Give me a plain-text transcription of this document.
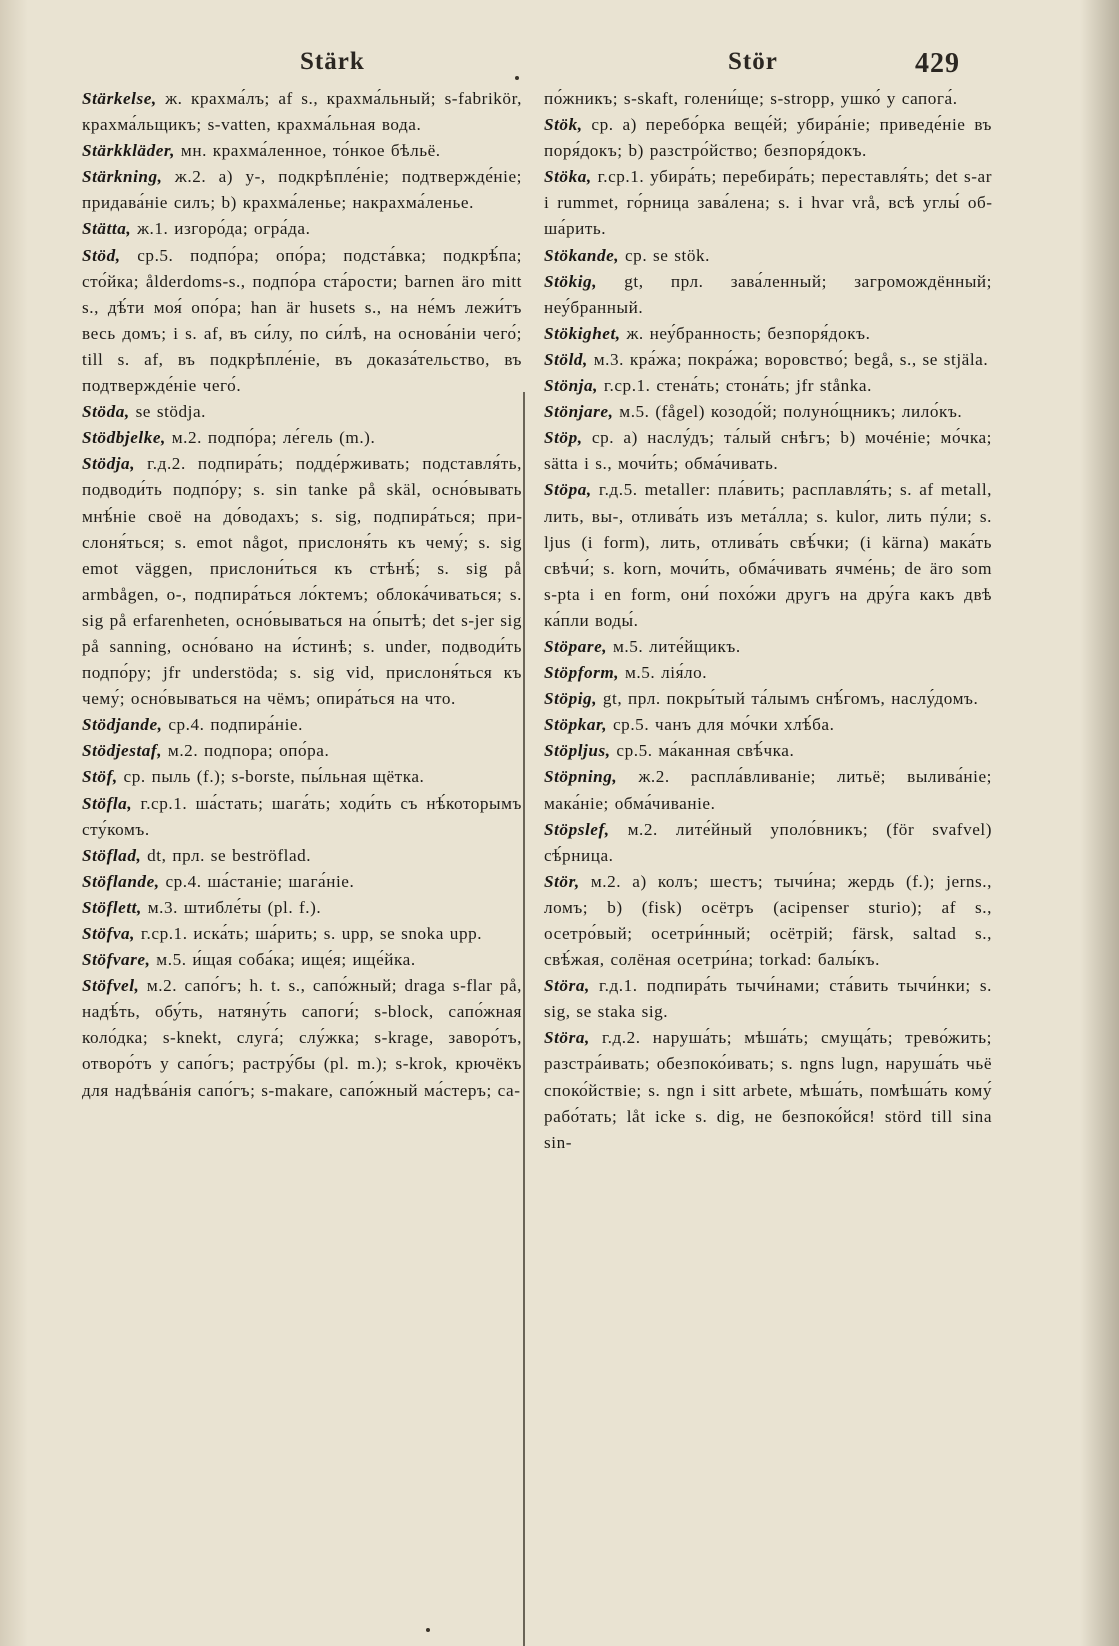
Stärk	Stör	429

Stärkelse, ж. крахма́лъ; af s., крахма́льный; s-fabrikör, крахма́льщикъ; s-vatten, крахма́льная вода.

Stärkkläder, мн. крахма́ленное, то́нкое бѣльё.

Stärkning, ж.2. а) у-, подкрѣпле́ніе; подтвержде́ніе; придава́ніе силъ; b) крахма́ленье; накрахма́ленье.

Stätta, ж.1. изгоро́да; огра́да.

Stöd, ср.5. подпо́ра; опо́ра; подста́вка; подкрѣ́па; сто́йка; ålderdoms-s., подпо́ра ста́рости; barnen äro mitt s., дѣ́ти моя́ опо́ра; han är husets s., на не́мъ лежи́тъ весь домъ; i s. af, въ си́лу, по си́лѣ, на основа́ніи чего́; till s. af, въ подкрѣпле́ніе, въ доказа́тельство, въ подтвержде́ніе чего́.

Stöda, se stödja.

Stödbjelke, м.2. подпо́ра; ле́гель (m.).

Stödja, г.д.2. подпира́ть; подде́рживать; подставля́ть, подводи́ть подпо́ру; s. sin tanke på skäl, осно́вывать мнѣ́ніе своё на до́водахъ; s. sig, подпира́ться; прислоня́ться; s. emot något, прислоня́ть къ чему́; s. sig emot väggen, прислони́ться къ стѣнѣ́; s. sig på armbågen, о-, подпира́ться ло́ктемъ; облока́чиваться; s. sig på erfarenheten, осно́вываться на о́пытѣ; det s-jer sig på sanning, осно́вано на и́стинѣ; s. under, подводи́ть подпо́ру; jfr understöda; s. sig vid, прислоня́ться къ чему́; осно́вываться на чёмъ; опира́ться на что.

Stödjande, ср.4. подпира́ніе.

Stödjestaf, м.2. подпора; опо́ра.

Stöf, ср. пыль (f.); s-borste, пы́льная щётка.

Stöfla, г.ср.1. ша́стать; шага́ть; ходи́ть съ нѣ́которымъ сту́комъ.

Stöflad, dt, прл. se beströflad.

Stöflande, ср.4. ша́станіе; шага́ніе.

Stöflett, м.3. штибле́ты (pl. f.).

Stöfva, г.ср.1. иска́ть; ша́рить; s. upp, se snoka upp.

Stöfvare, м.5. и́щая соба́ка; ище́я; ище́йка.

Stöfvel, м.2. сапо́гъ; h. t. s., сапо́жный; draga s-flar på, надѣ́ть, обу́ть, натяну́ть сапоги́; s-block, сапо́жная коло́дка; s-knekt, слуга́; слу́жка; s-krage, заворо́тъ, отворо́тъ у сапо́гъ; растру́бы (pl. m.); s-krok, крючёкъ для надѣва́нія сапо́гъ; s-makare, сапо́жный ма́стеръ; са-

по́жникъ; s-skaft, голени́ще; s-stropp, ушко́ у сапога́.

Stök, ср. а) перебо́рка веще́й; убира́ніе; приведе́ніе въ поря́докъ; b) разстро́йство; безпоря́докъ.

Stöka, г.ср.1. убира́ть; перебира́ть; переставля́ть; det s-ar i rummet, го́рница зава́лена; s. i hvar vrå, всѣ углы́ обша́рить.

Stökande, ср. se stök.

Stökig, gt, прл. зава́ленный; загромождённый; неу́бранный.

Stökighet, ж. неу́бранность; безпоря́докъ.

Stöld, м.3. кра́жа; покра́жа; воровство́; begå, s., se stjäla.

Stönja, г.ср.1. стена́ть; стона́ть; jfr stånka.

Stönjare, м.5. (fågel) козодо́й; полуно́щникъ; лило́къ.

Stöp, ср. а) наслу́дъ; та́лый снѣгъ; b) мочéніе; мо́чка; sätta i s., мочи́ть; обма́чивать.

Stöpa, г.д.5. metaller: пла́вить; расплавля́ть; s. af metall, лить, вы-, отлива́ть изъ мета́лла; s. kulor, лить пу́ли; s. ljus (i form), лить, отлива́ть свѣ́чки; (i kärna) мака́ть свѣчи́; s. korn, мочи́ть, обма́чивать ячме́нь; de äro som s-pta i en form, они́ похо́жи другъ на дру́га какъ двѣ ка́пли воды́.

Stöpare, м.5. лите́йщикъ.

Stöpform, м.5. лія́ло.

Stöpig, gt, прл. покры́тый та́лымъ снѣ́гомъ, наслу́домъ.

Stöpkar, ср.5. чанъ для мо́чки хлѣ́ба.

Stöpljus, ср.5. ма́канная свѣ́чка.

Stöpning, ж.2. распла́вливаніе; литьё; вылива́ніе; мака́ніе; обма́чиваніе.

Stöpslef, м.2. лите́йный уполо́вникъ; (för svafvel) сѣ́рница.

Stör, м.2. а) колъ; шестъ; тычи́на; жердь (f.); jerns., ломъ; b) (fisk) осётръ (аcipenser sturio); af s., осетро́вый; осетри́нный; осётрій; färsk, saltad s., свѣ́жая, солёная осетри́на; torkad: балы́къ.

Störa, г.д.1. подпира́ть тычи́нами; ста́вить тычи́нки; s. sig, se staka sig.

Störa, г.д.2. наруша́ть; мѣша́ть; смуща́ть; трево́жить; разстра́ивать; обезпоко́ивать; s. ngns lugn, наруша́ть чьё споко́йствіе; s. ngn i sitt arbete, мѣша́ть, помѣша́ть кому́ рабо́тать; låt icke s. dig, не безпоко́йся! störd till sina sin-
